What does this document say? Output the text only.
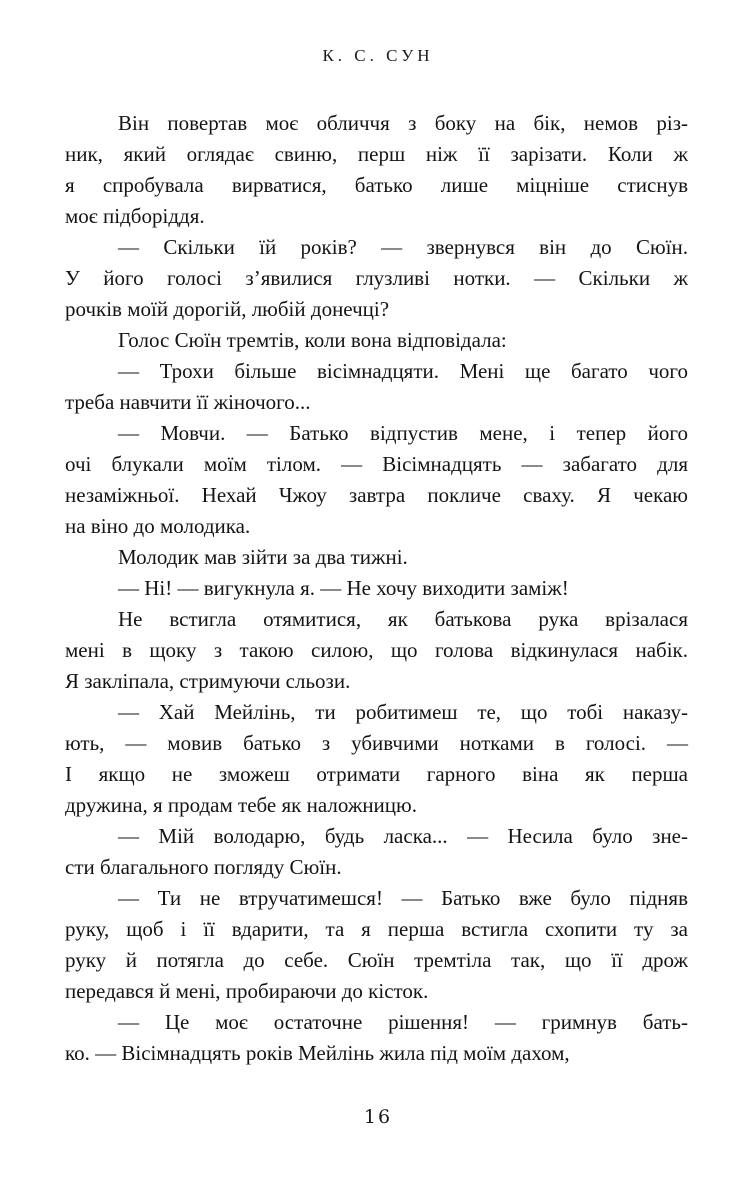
К. С. СУН
Він повертав моє обличчя з боку на бік, немов різ-
ник, який оглядає свиню, перш ніж її зарізати. Коли ж
я спробувала вирватися, батько лише міцніше стиснув
моє підборіддя.
— Скільки їй років? — звернувся він до Сюїн.
У його голосі з’явилися глузливі нотки. — Скільки ж
рочків моїй дорогій, любій донечці?
Голос Сюїн тремтів, коли вона відповідала:
— Трохи більше вісімнадцяти. Мені ще багато чого
треба навчити її жіночого...
— Мовчи. — Батько відпустив мене, і тепер його
очі блукали моїм тілом. — Вісімнадцять — забагато для
незаміжньої. Нехай Чжоу завтра покличе сваху. Я чекаю
на віно до молодика.
Молодик мав зійти за два тижні.
— Ні! — вигукнула я. — Не хочу виходити заміж!
Не встигла отямитися, як батькова рука врізалася
мені в щоку з такою силою, що голова відкинулася набік.
Я закліпала, стримуючи сльози.
— Хай Мейлінь, ти робитимеш те, що тобі наказу-
ють, — мовив батько з убивчими нотками в голосі. —
І якщо не зможеш отримати гарного віна як перша
дружина, я продам тебе як наложницю.
— Мій володарю, будь ласка... — Несила було зне-
сти благального погляду Сюїн.
— Ти не втручатимешся! — Батько вже було підняв
руку, щоб і її вдарити, та я перша встигла схопити ту за
руку й потягла до себе. Сюїн тремтіла так, що її дрож
передався й мені, пробираючи до кісток.
— Це моє остаточне рішення! — гримнув бать-
ко. — Вісімнадцять років Мейлінь жила під моїм дахом,
16
